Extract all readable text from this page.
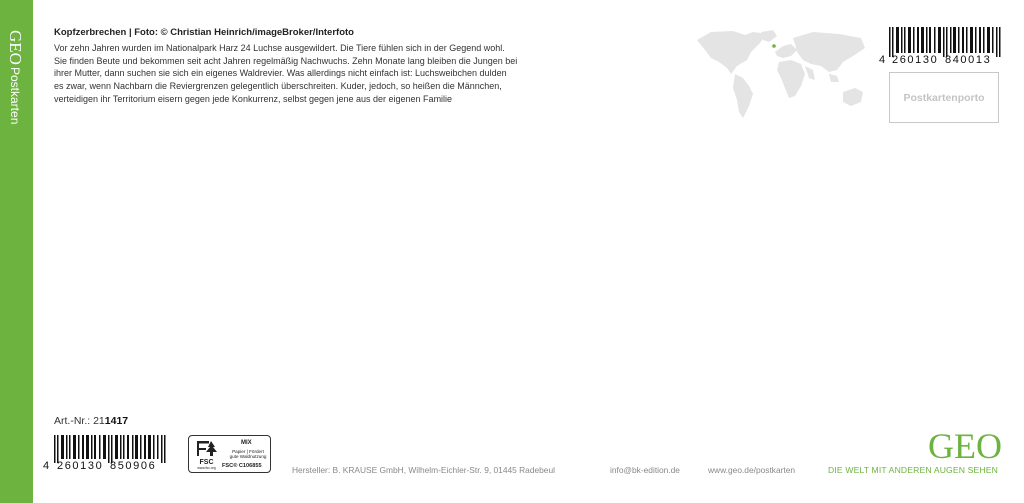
GEO
Postkarten
Kopfzerbrechen | Foto: © Christian Heinrich/imageBroker/Interfoto
Vor zehn Jahren wurden im Nationalpark Harz 24 Luchse ausgewildert. Die Tiere fühlen sich in der Gegend wohl.
Sie finden Beute und bekommen seit acht Jahren regelmäßig Nachwuchs. Zehn Monate lang bleiben die Jungen bei
ihrer Mutter, dann suchen sie sich ein eigenes Waldrevier. Was allerdings nicht einfach ist: Luchsweibchen dulden
es zwar, wenn Nachbarn die Reviergrenzen gelegentlich überschreiten. Kuder, jedoch, so heißen die Männchen,
verteidigen ihr Territorium eisern gegen jede Konkurrenz, selbst gegen jene aus der eigenen Familie
4 260130 840013
Postkartenporto
Art.-Nr.: 211417
4 260130 850906	FSC
www.fsc.org
MIX
Papier | Fördert
gute Waldnutzung
FSC® C106855	Hersteller: B. KRAUSE GmbH, Wilhelm-Eichler-Str. 9, 01445 Radebeul	info@bk-edition.de	www.geo.de/postkarten
GEO
DIE WELT MIT ANDEREN AUGEN SEHEN
